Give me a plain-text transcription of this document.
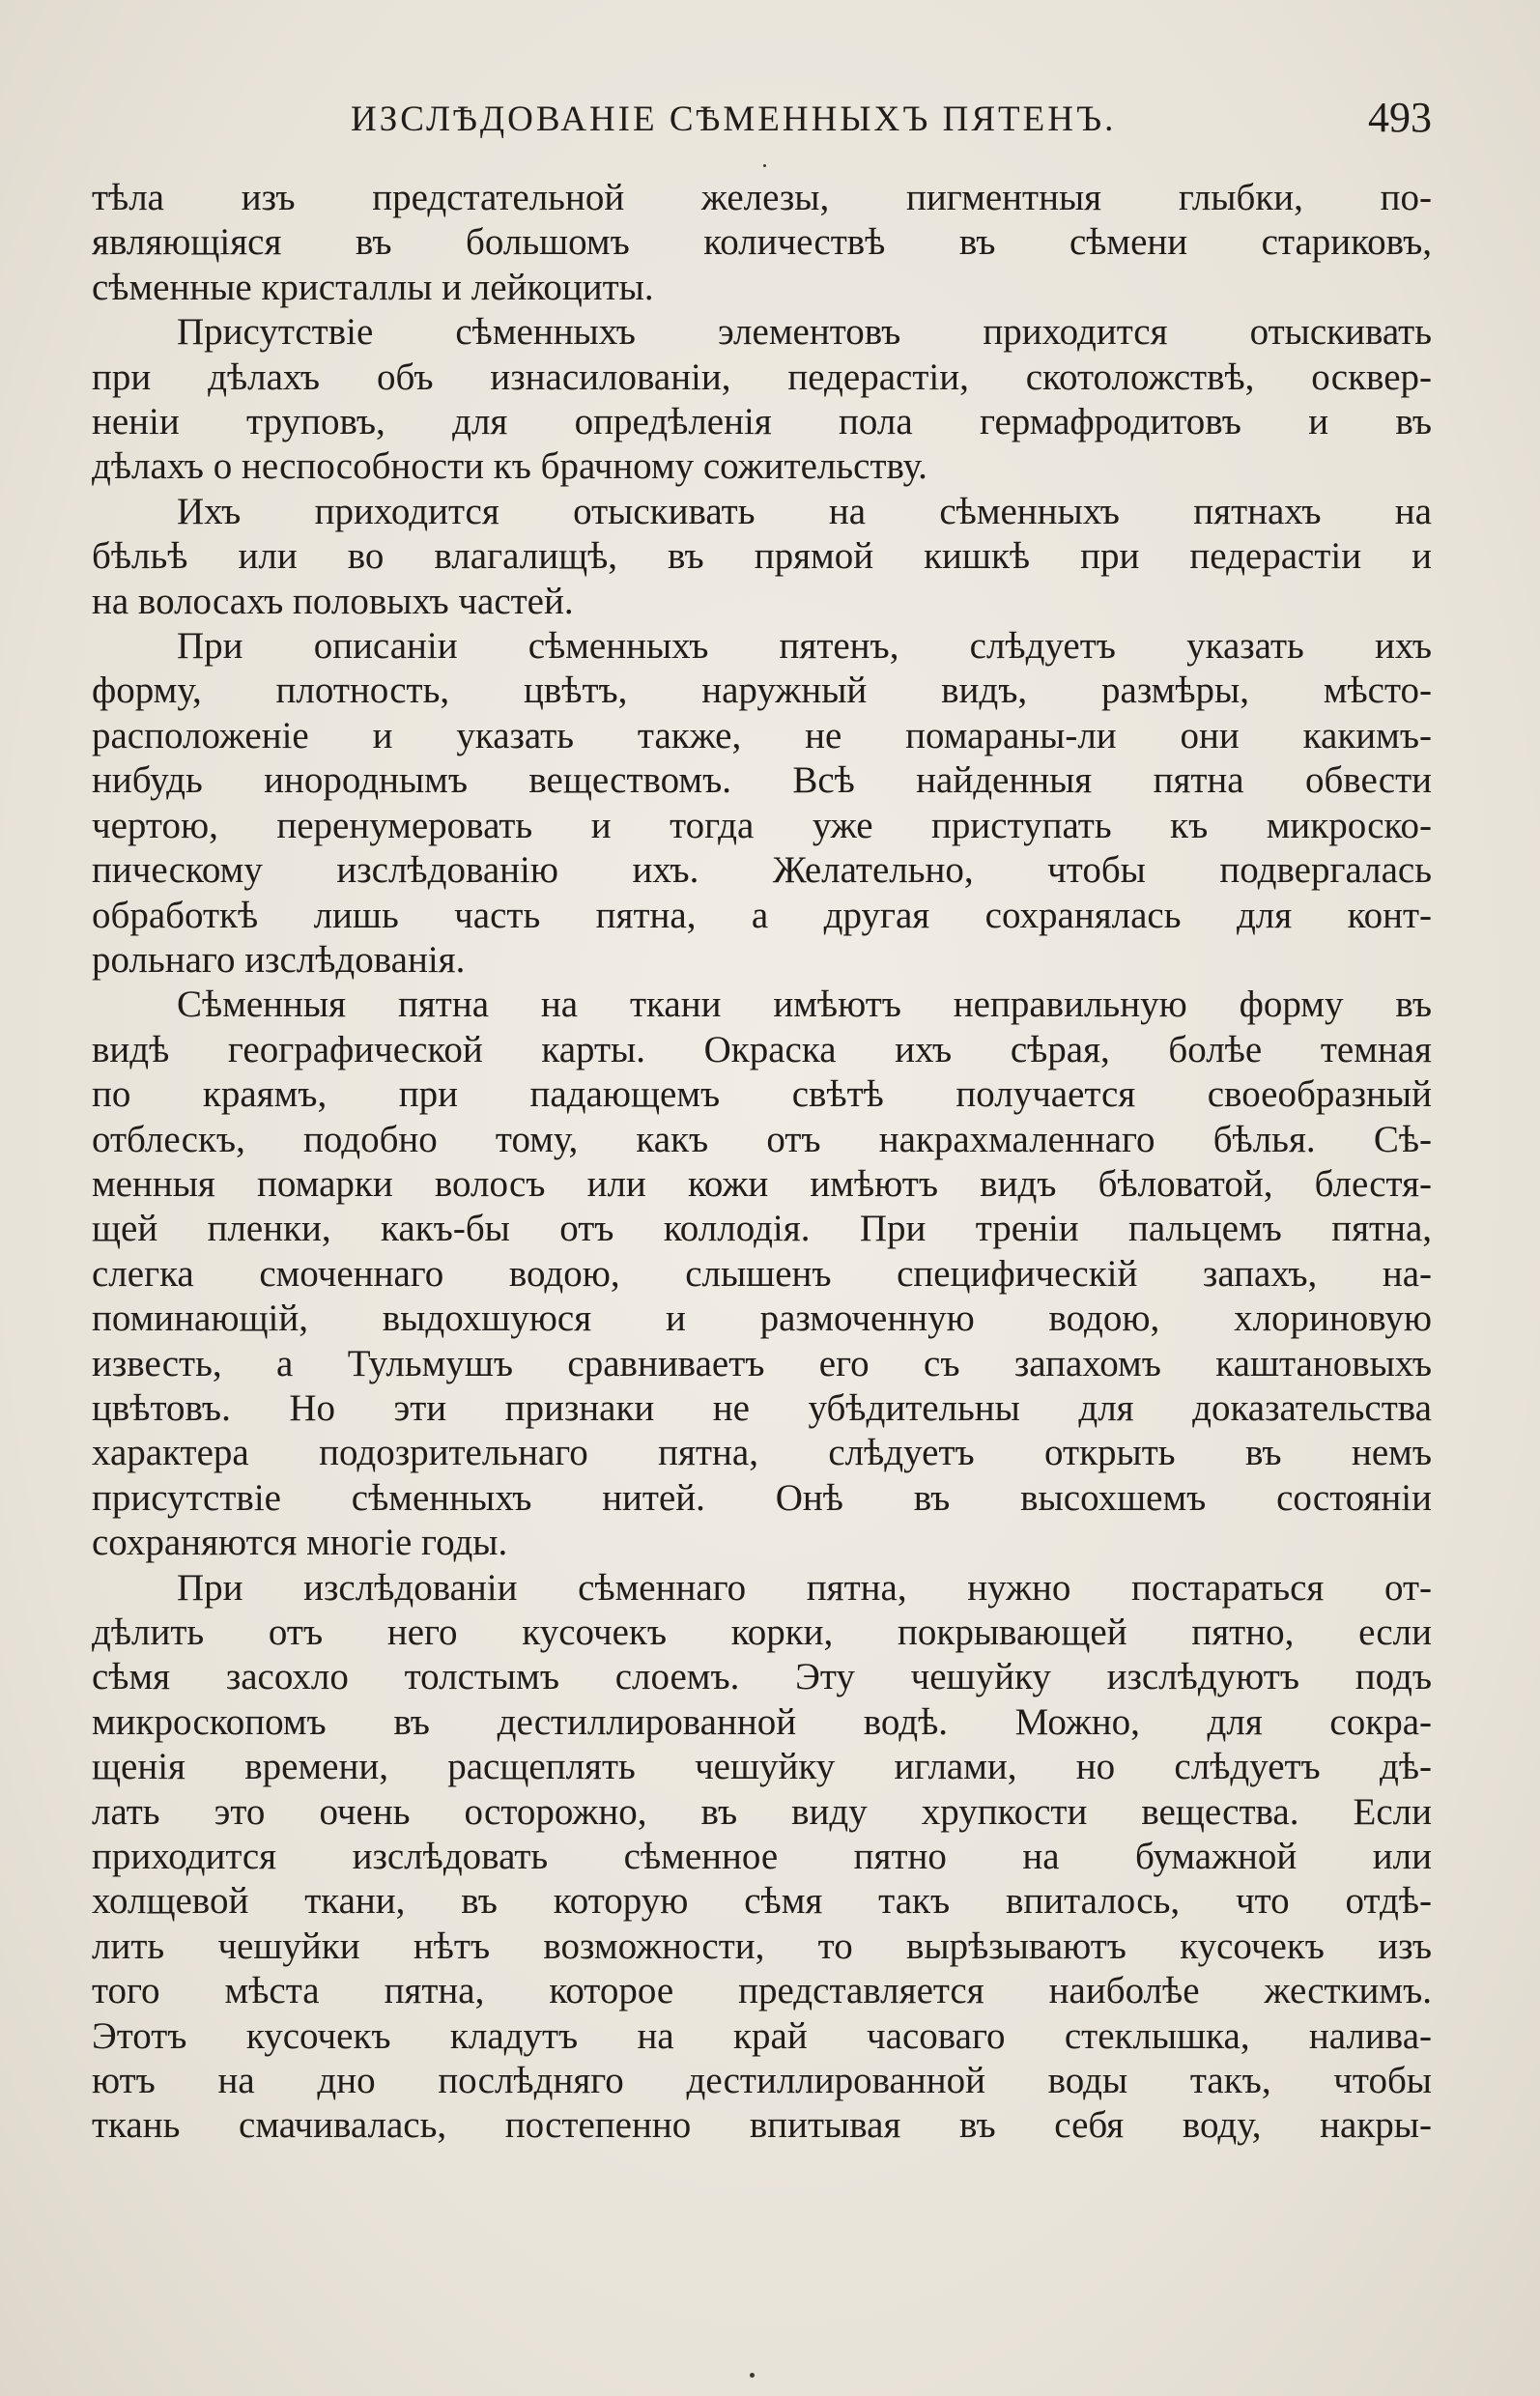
ИЗСЛѢДОВАНІЕ СѢМЕННЫХЪ ПЯТЕНЪ.	493
тѣла изъ предстательной железы, пигментныя глыбки, по-
являющіяся въ большомъ количествѣ въ сѣмени стариковъ,
сѣменные кристаллы и лейкоциты.
Присутствіе сѣменныхъ элементовъ приходится отыскивать
при дѣлахъ объ изнасилованіи, педерастіи, скотоложствѣ, осквер-
неніи труповъ, для опредѣленія пола гермафродитовъ и въ
дѣлахъ о неспособности къ брачному сожительству.
Ихъ приходится отыскивать на сѣменныхъ пятнахъ на
бѣльѣ или во влагалищѣ, въ прямой кишкѣ при педерастіи и
на волосахъ половыхъ частей.
При описаніи сѣменныхъ пятенъ, слѣдуетъ указать ихъ
форму, плотность, цвѣтъ, наружный видъ, размѣры, мѣсто-
расположеніе и указать также, не помараны-ли они какимъ-
нибудь инороднымъ веществомъ. Всѣ найденныя пятна обвести
чертою, перенумеровать и тогда уже приступать къ микроско-
пическому изслѣдованію ихъ. Желательно, чтобы подвергалась
обработкѣ лишь часть пятна, а другая сохранялась для конт-
рольнаго изслѣдованія.
Сѣменныя пятна на ткани имѣютъ неправильную форму въ
видѣ географической карты. Окраска ихъ сѣрая, болѣе темная
по краямъ, при падающемъ свѣтѣ получается своеобразный
отблескъ, подобно тому, какъ отъ накрахмаленнаго бѣлья. Сѣ-
менныя помарки волосъ или кожи имѣютъ видъ бѣловатой, блестя-
щей пленки, какъ-бы отъ коллодія. При треніи пальцемъ пятна,
слегка смоченнаго водою, слышенъ специфическій запахъ, на-
поминающій, выдохшуюся и размоченную водою, хлориновую
известь, а Тульмушъ сравниваетъ его съ запахомъ каштановыхъ
цвѣтовъ. Но эти признаки не убѣдительны для доказательства
характера подозрительнаго пятна, слѣдуетъ открыть въ немъ
присутствіе сѣменныхъ нитей. Онѣ въ высохшемъ состояніи
сохраняются многіе годы.
При изслѣдованіи сѣменнаго пятна, нужно постараться от-
дѣлить отъ него кусочекъ корки, покрывающей пятно, если
сѣмя засохло толстымъ слоемъ. Эту чешуйку изслѣдуютъ подъ
микроскопомъ въ дестиллированной водѣ. Можно, для сокра-
щенія времени, расщеплять чешуйку иглами, но слѣдуетъ дѣ-
лать это очень осторожно, въ виду хрупкости вещества. Если
приходится изслѣдовать сѣменное пятно на бумажной или
холщевой ткани, въ которую сѣмя такъ впиталось, что отдѣ-
лить чешуйки нѣтъ возможности, то вырѣзываютъ кусочекъ изъ
того мѣста пятна, которое представляется наиболѣе жесткимъ.
Этотъ кусочекъ кладутъ на край часоваго стеклышка, налива-
ютъ на дно послѣдняго дестиллированной воды такъ, чтобы
ткань смачивалась, постепенно впитывая въ себя воду, накры-
